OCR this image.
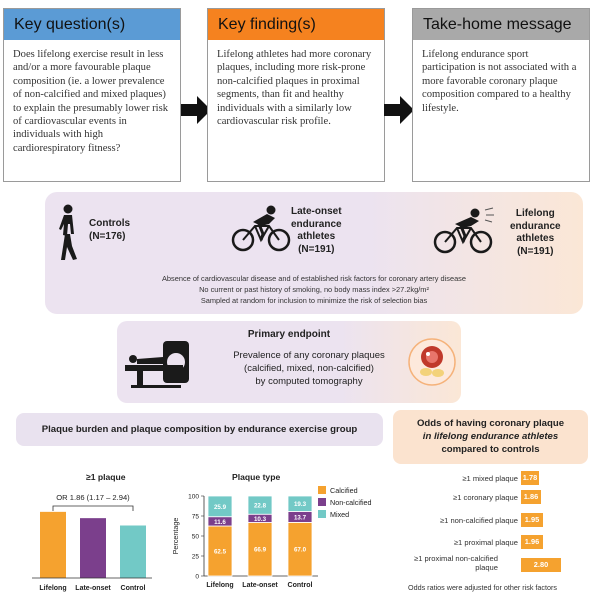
Key question(s)
Does lifelong exercise result in less and/or a more favourable plaque composition (ie. a lower prevalence of non-calcified and mixed plaques) to explain the presumably lower risk of cardiovascular events in individuals with high cardiorespiratory fitness?
Key finding(s)
Lifelong athletes had more coronary plaques, including more risk-prone non-calcified plaques in proximal segments, than fit and healthy individuals with a similarly low cardiovascular risk profile.
Take-home message
Lifelong endurance sport participation is not associated with a more favorable coronary plaque composition compared to a healthy lifestyle.
Controls
(N=176)
Late-onset
endurance
athletes
(N=191)
Lifelong
endurance
athletes
(N=191)
Absence of cardiovascular disease and of established risk factors for coronary artery disease
No current or past history of smoking, no body mass index >27.2kg/m²
Sampled at random for inclusion to minimize the risk of selection bias
Primary endpoint
Prevalence of any coronary plaques
(calcified, mixed, non-calcified)
by computed tomography
Plaque burden and plaque composition by endurance exercise group
Odds of having coronary plaque
in lifelong endurance athletes
compared to controls
≥1 plaque
OR 1.86 (1.17 – 2.94)
Lifelong Late-onset Control
Plaque type
Percentage
0
25
50
75
100
62.5
11.6
25.9
Lifelong
66.9
10.3
22.8
Late-onset
67.0
13.7
19.3
Control
Calcified
Non-calcified
Mixed
≥1 mixed plaque 1.78
≥1 coronary plaque 1.86
≥1 non-calcified plaque 1.95
≥1 proximal plaque 1.96
≥1 proximal non-calcified plaque	2.80
Odds ratios were adjusted for other risk factors
